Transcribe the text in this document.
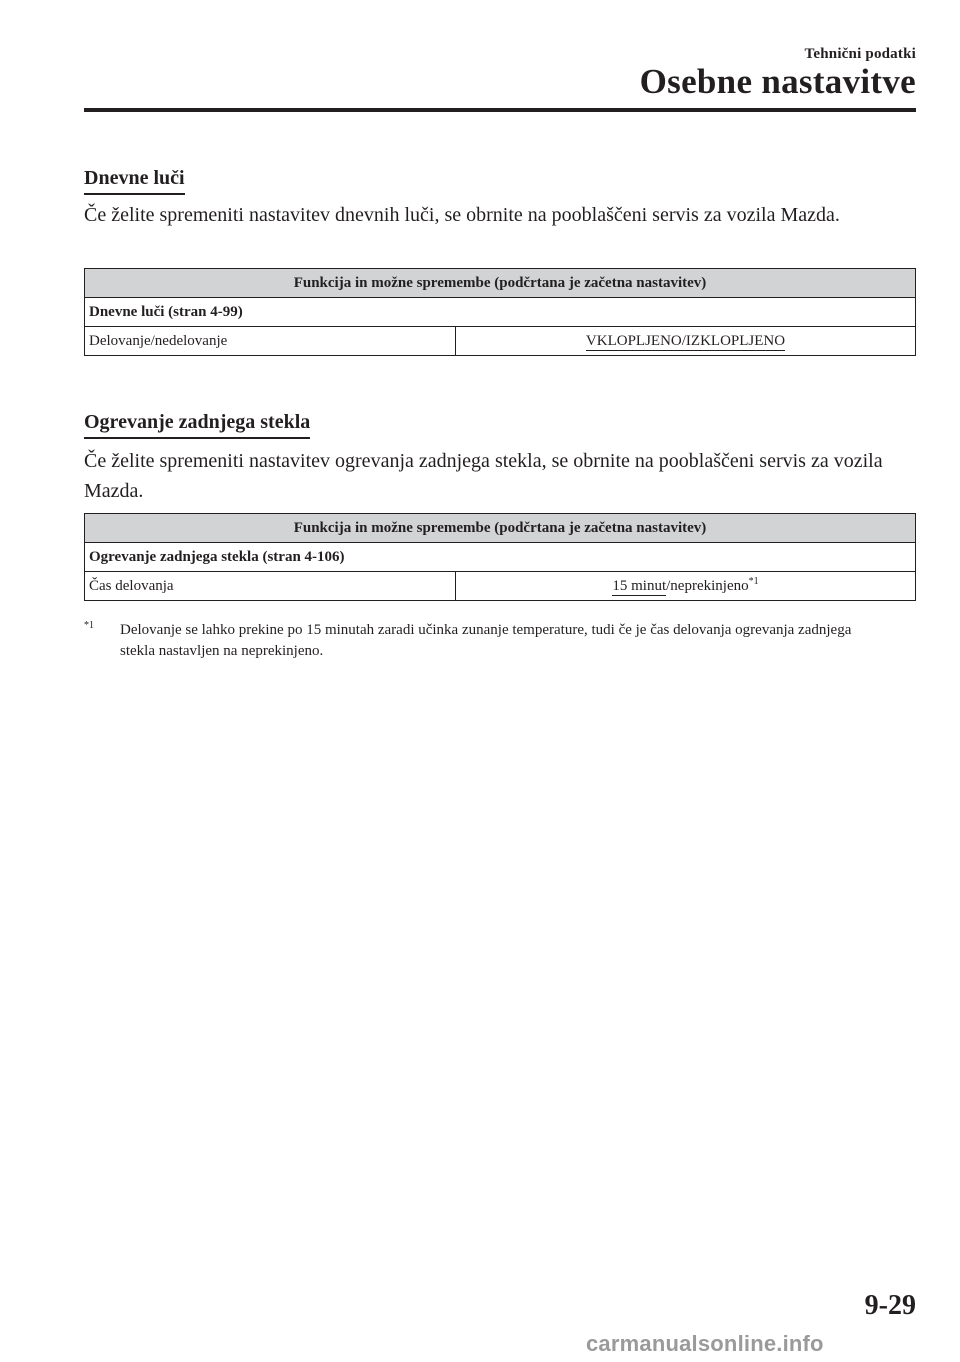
Tehnični podatki
Osebne nastavitve
Dnevne luči
Če želite spremeniti nastavitev dnevnih luči, se obrnite na pooblaščeni servis za vozila Mazda.
Funkcija in možne spremembe (podčrtana je začetna nastavitev)
Dnevne luči (stran 4-99)
Delovanje/nedelovanje	VKLOPLJENO/IZKLOPLJENO
Ogrevanje zadnjega stekla
Če želite spremeniti nastavitev ogrevanja zadnjega stekla, se obrnite na pooblaščeni servis za vozila Mazda.
Funkcija in možne spremembe (podčrtana je začetna nastavitev)
Ogrevanje zadnjega stekla (stran 4-106)
Čas delovanja	15 minut/neprekinjeno$^{*1}$
$^{*1}$ Delovanje se lahko prekine po 15 minutah zaradi učinka zunanje temperature, tudi če je čas delovanja ogrevanja zadnjega stekla nastavljen na neprekinjeno.
9-29
carmanualsonline.info
